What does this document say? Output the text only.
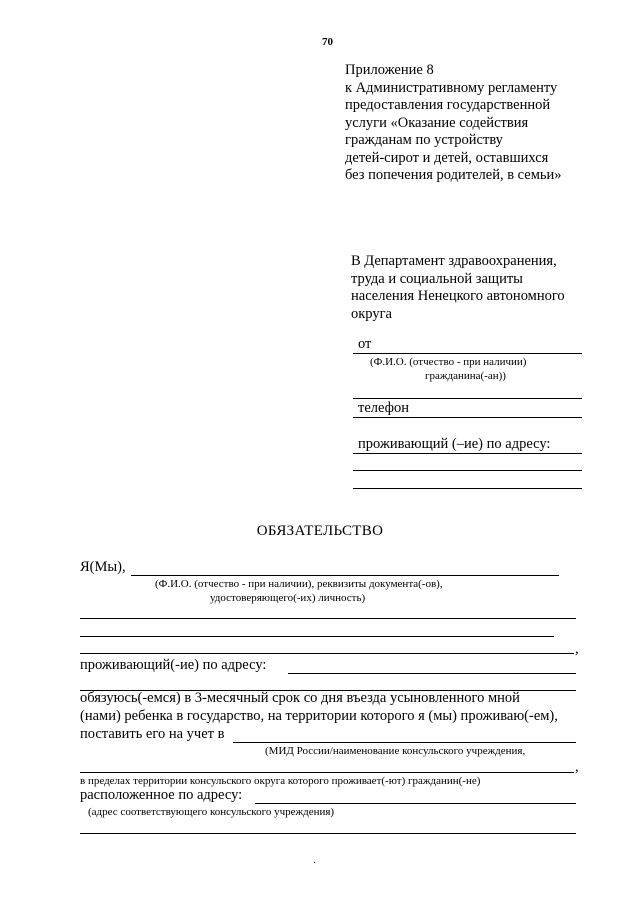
70
Приложение 8
к Административному регламенту
предоставления государственной
услуги «Оказание содействия
гражданам по устройству
детей-сирот и детей, оставшихся
без попечения родителей, в семьи»
В Департамент здравоохранения,
труда и социальной защиты
населения Ненецкого автономного
округа
от
(Ф.И.О. (отчество - при наличии)
гражданина(-ан))
телефон
проживающий (–ие) по адресу:
ОБЯЗАТЕЛЬСТВО
Я(Мы),
(Ф.И.О. (отчество - при наличии), реквизиты документа(-ов),
удостоверяющего(-их) личность)
,
проживающий(-ие) по адресу:
обязуюсь(-емся) в 3-месячный срок со дня въезда усыновленного мной
(нами) ребенка в государство, на территории которого я (мы) проживаю(-ем),
поставить его на учет в
(МИД России/наименование консульского учреждения,
,
в пределах территории консульского округа которого проживает(-ют) гражданин(-не)
расположенное по адресу:
(адрес соответствующего консульского учреждения)
·
